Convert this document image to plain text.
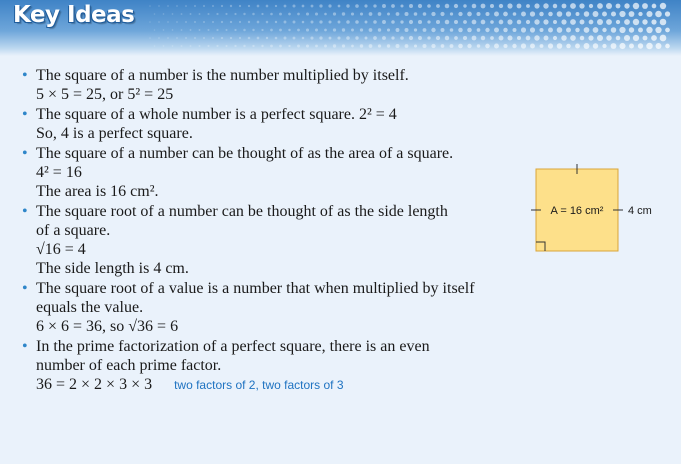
Key Ideas
• The square of a number is the number multiplied by itself.
5 × 5 = 25, or 5² = 25
• The square of a whole number is a perfect square. 2² = 4
So, 4 is a perfect square.
• The square of a number can be thought of as the area of a square.
4² = 16
The area is 16 cm².
• The square root of a number can be thought of as the side length
of a square.
√16 = 4
The side length is 4 cm.
• The square root of a value is a number that when multiplied by itself
equals the value.
6 × 6 = 36, so √36 = 6
• In the prime factorization of a perfect square, there is an even
number of each prime factor.
36 = 2 × 2 × 3 × 3 two factors of 2, two factors of 3
A = 16 cm² 4 cm
